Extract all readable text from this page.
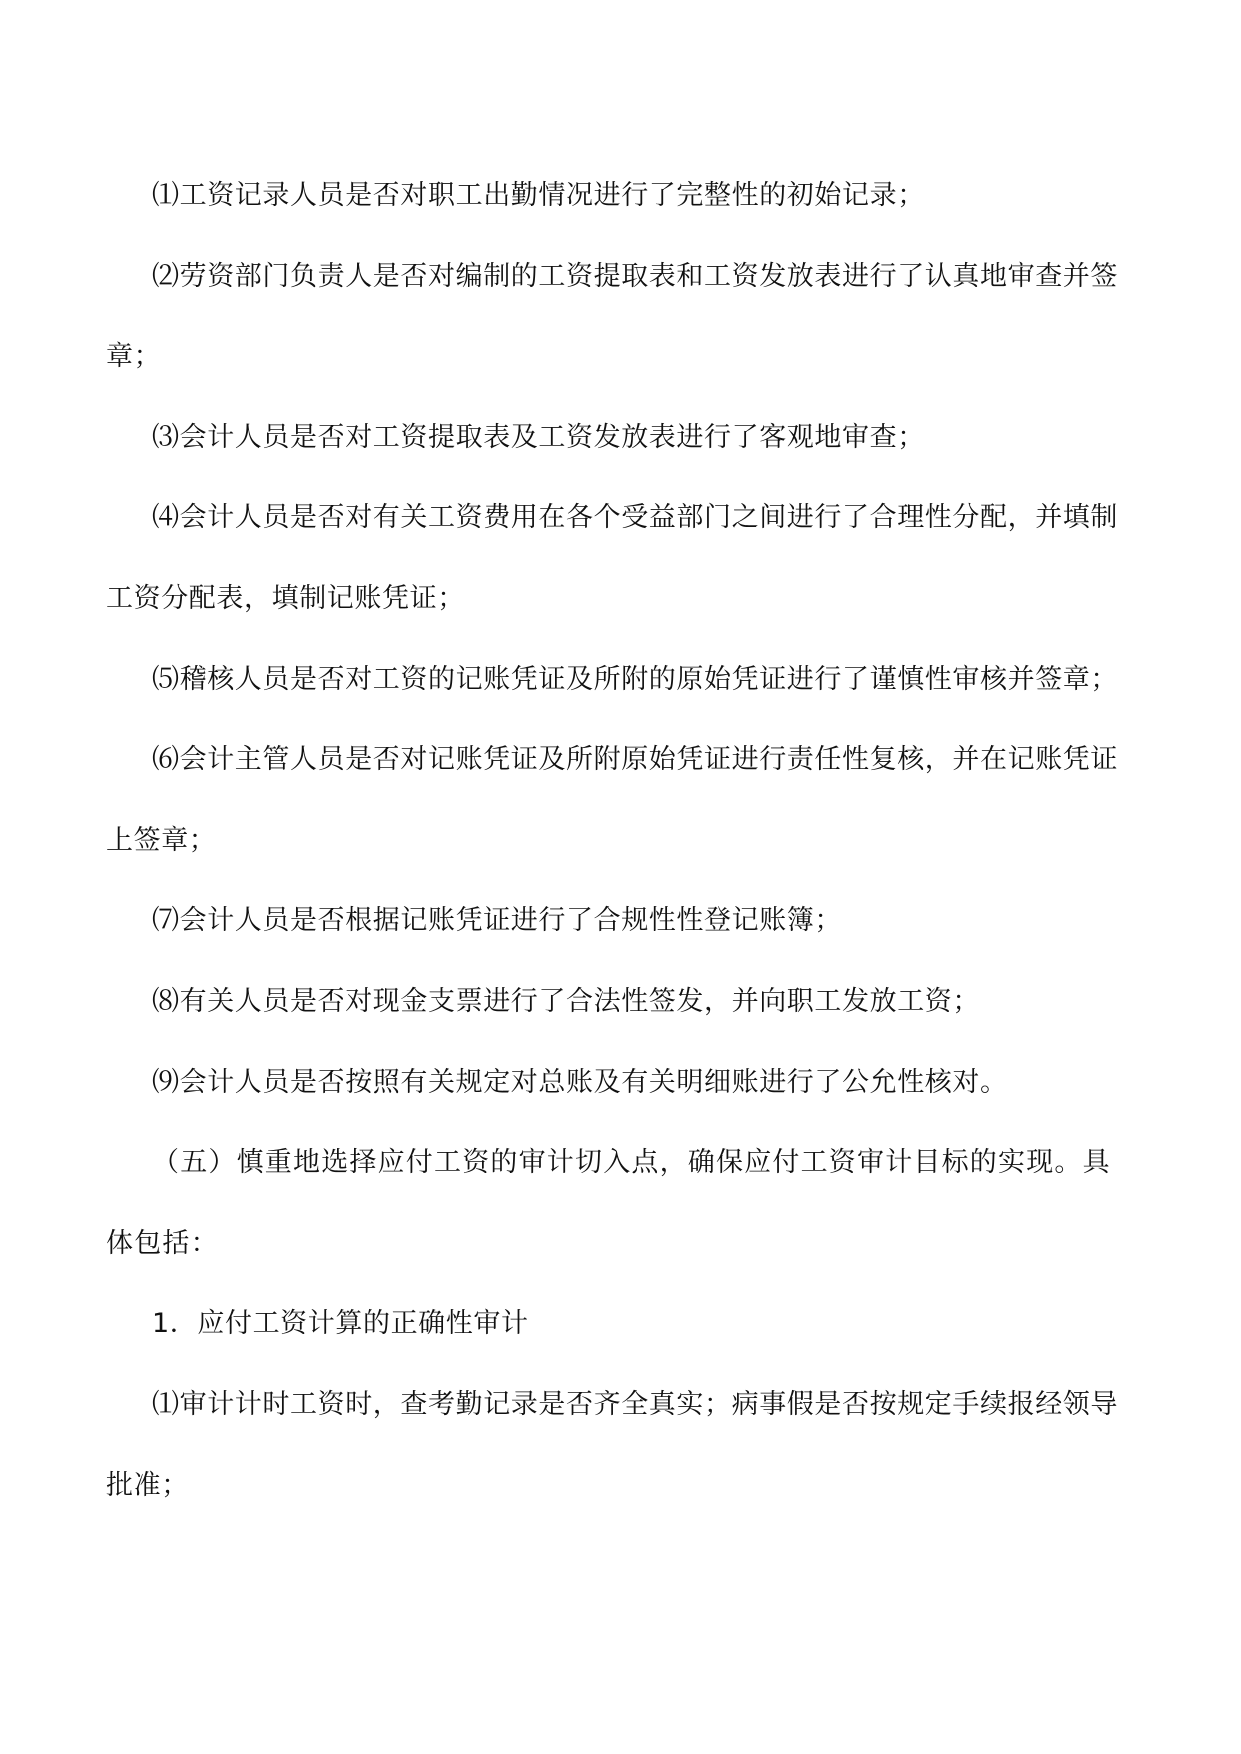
⑴工资记录人员是否对职工出勤情况进行了完整性的初始记录；

⑵劳资部门负责人是否对编制的工资提取表和工资发放表进行了认真地审查并签章；

⑶会计人员是否对工资提取表及工资发放表进行了客观地审查；

⑷会计人员是否对有关工资费用在各个受益部门之间进行了合理性分配，并填制工资分配表，填制记账凭证；

⑸稽核人员是否对工资的记账凭证及所附的原始凭证进行了谨慎性审核并签章；

⑹会计主管人员是否对记账凭证及所附原始凭证进行责任性复核，并在记账凭证上签章；

⑺会计人员是否根据记账凭证进行了合规性性登记账簿；

⑻有关人员是否对现金支票进行了合法性签发，并向职工发放工资；

⑼会计人员是否按照有关规定对总账及有关明细账进行了公允性核对。

（五）慎重地选择应付工资的审计切入点，确保应付工资审计目标的实现。具体包括：

1．应付工资计算的正确性审计

⑴审计计时工资时，查考勤记录是否齐全真实；病事假是否按规定手续报经领导批准；
